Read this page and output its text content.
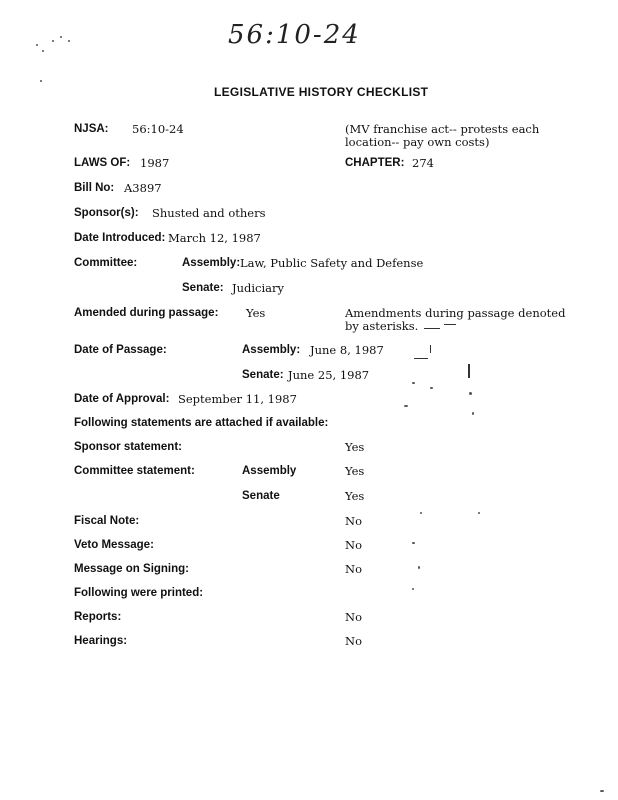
56:10-24
LEGISLATIVE HISTORY CHECKLIST
NJSA: 56:10-24	(MV franchise act-- protests each
location-- pay own costs)
LAWS OF: 1987	CHAPTER: 274
Bill No: A3897
Sponsor(s): Shusted and others
Date Introduced: March 12, 1987
Committee:	Assembly: Law, Public Safety and Defense
Senate: Judiciary
Amended during passage: Yes	Amendments during passage denoted
by asterisks.
Date of Passage:	Assembly: June 8, 1987
Senate: June 25, 1987
Date of Approval: September 11, 1987
Following statements are attached if available:
Sponsor statement:	Yes
Committee statement:	Assembly	Yes
Senate	Yes
Fiscal Note:	No
Veto Message:	No
Message on Signing:	No
Following were printed:
Reports:	No
Hearings:	No
